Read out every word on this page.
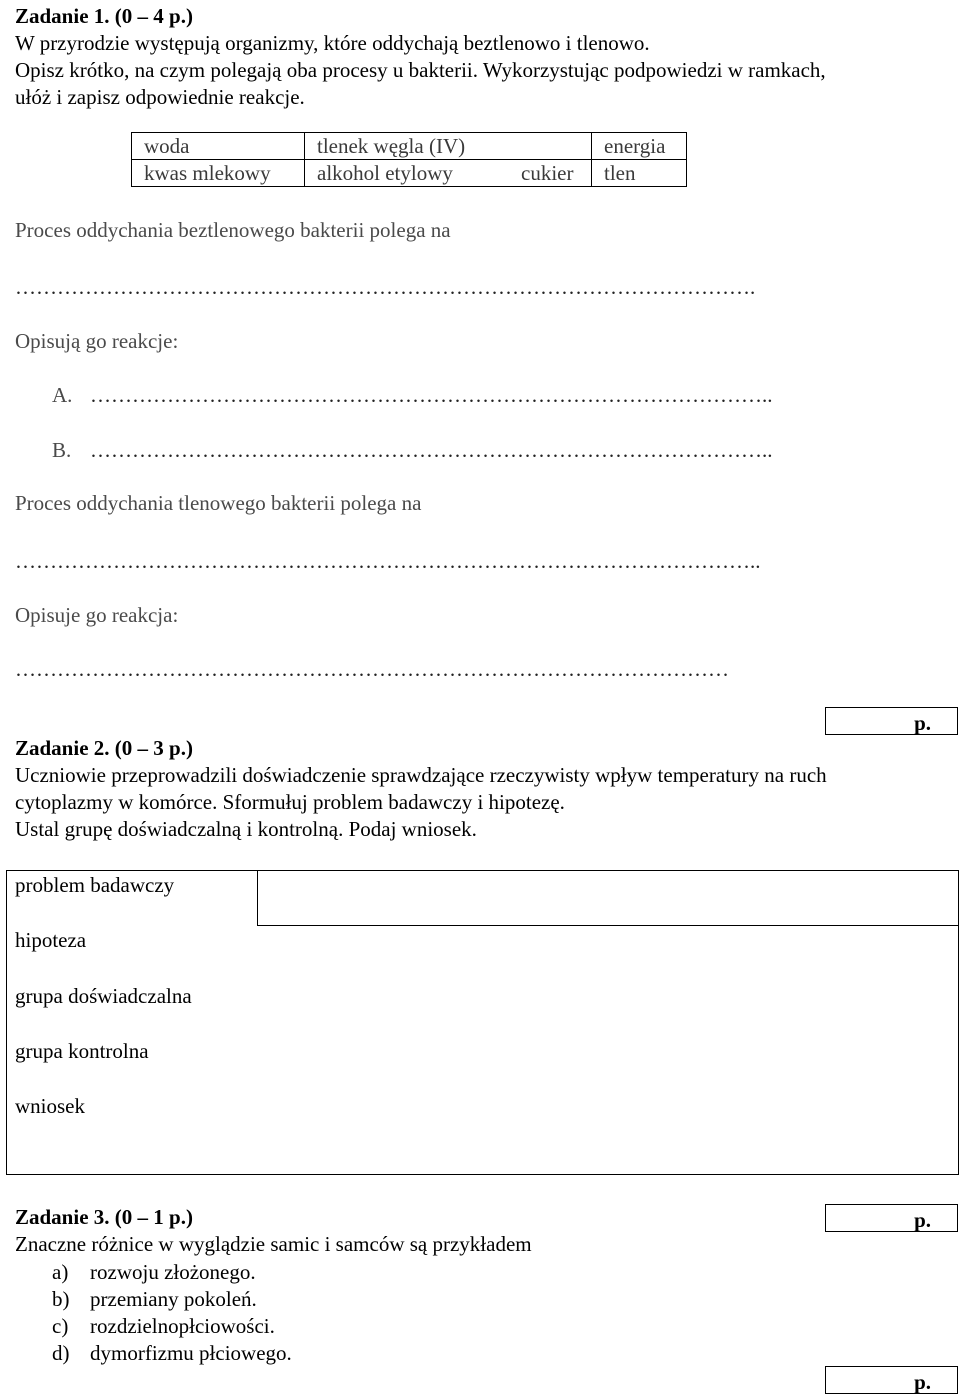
Zadanie 1. (0 – 4 p.)
W przyrodzie występują organizmy, które oddychają beztlenowo i tlenowo.
Opisz krótko, na czym polegają oba procesy u bakterii. Wykorzystując podpowiedzi w ramkach,
ułóż i zapisz odpowiednie reakcje.
woda	tlenek węgla (IV)		energia
kwas mlekowy	alkohol etylowy	cukier	tlen
Proces oddychania beztlenowego bakterii polega na
…………………………………………………………………………………………….
Opisują go reakcje:
A. ……………………………………………………………………………………..
B. ……………………………………………………………………………………..
Proces oddychania tlenowego bakterii polega na
……………………………………………………………………………………………..
Opisuje go reakcja:
…………………………………………………………………………………………
p.
Zadanie 2. (0 – 3 p.)
Uczniowie przeprowadzili doświadczenie sprawdzające rzeczywisty wpływ temperatury na ruch
cytoplazmy w komórce. Sformułuj problem badawczy i hipotezę.
Ustal grupę doświadczalną i kontrolną. Podaj wniosek.
problem badawczy
hipoteza
grupa doświadczalna
grupa kontrolna
wniosek
Zadanie 3. (0 – 1 p.)	p.
Znaczne różnice w wyglądzie samic i samców są przykładem
a) rozwoju złożonego.
b) przemiany pokoleń.
c) rozdzielnopłciowości.
d) dymorfizmu płciowego.
p.
